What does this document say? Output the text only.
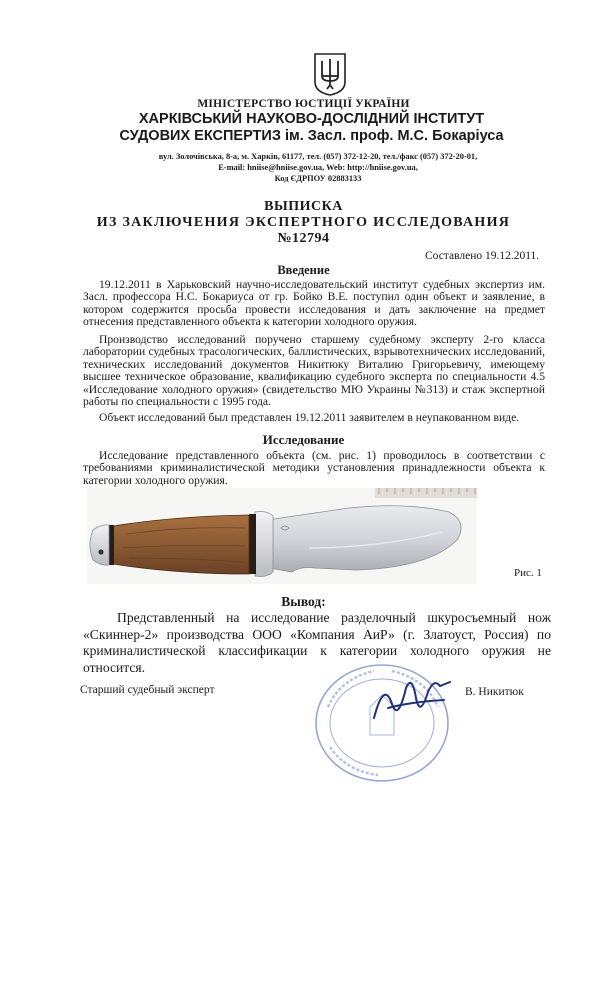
МІНІСТЕРСТВО ЮСТИЦІЇ УКРАЇНИ
ХАРКІВСЬКИЙ НАУКОВО-ДОСЛІДНИЙ ІНСТИТУТ
СУДОВИХ ЕКСПЕРТИЗ ім. Засл. проф. М.С. Бокаріуса
вул. Золочівська, 8-а, м. Харків, 61177, тел. (057) 372-12-20, тел./факс (057) 372-20-01,
E-mail: hniise@hniise.gov.ua, Web: http://hniise.gov.ua,
Код ЄДРПОУ 02883133
ВЫПИСКА
ИЗ ЗАКЛЮЧЕНИЯ ЭКСПЕРТНОГО ИССЛЕДОВАНИЯ
№12794
Составлено 19.12.2011.
Введение
19.12.2011 в Харьковский научно-исследовательский институт судебных экспертиз им. Засл. профессора Н.С. Бокариуса от гр. Бойко В.Е. поступил один объект и заявление, в котором содержится просьба провести исследования и дать заключение на предмет отнесения представленного объекта к категории холодного оружия.
Производство исследований поручено старшему судебному эксперту 2-го класса лаборатории судебных трасологических, баллистических, взрывотехнических исследований, технических исследований документов Никитюку Виталию Григорьевичу, имеющему высшее техническое образование, квалификацию судебного эксперта по специальности 4.5 «Исследование холодного оружия» (свидетельство МЮ Украины №313) и стаж экспертной работы по специальности с 1995 года.
Объект исследований был представлен 19.12.2011 заявителем в неупакованном виде.
Исследование
Исследование представленного объекта (см. рис. 1) проводилось в соответствии с требованиями криминалистической методики установления принадлежности объекта к категории холодного оружия.
Рис. 1
Вывод:
Представленный на исследование разделочный шкуросъемный нож «Скиннер-2» производства ООО «Компания АиР» (г. Златоуст, Россия) по криминалистической классификации к категории холодного оружия не относится.
Старший судебный эксперт	В. Никитюк
